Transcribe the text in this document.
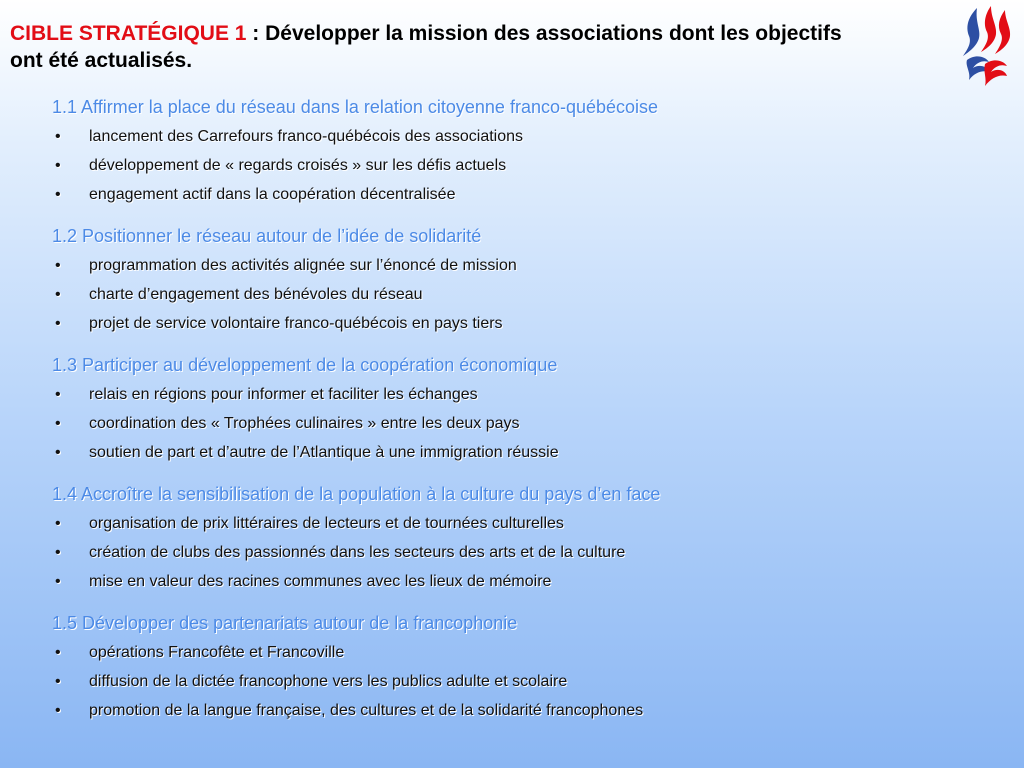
CIBLE STRATÉGIQUE 1 : Développer la mission des associations dont les objectifs ont été actualisés.
1.1 Affirmer la place du réseau dans la relation citoyenne franco-québécoise
• lancement des Carrefours franco-québécois des associations
• développement de « regards croisés » sur les défis actuels
• engagement actif dans la coopération décentralisée
1.2 Positionner le réseau autour de l’idée de solidarité
• programmation des activités alignée sur l’énoncé de mission
• charte d’engagement des bénévoles du réseau
• projet de service volontaire franco-québécois en pays tiers
1.3 Participer au développement de la coopération économique
• relais en régions pour informer et faciliter les échanges
• coordination des « Trophées culinaires » entre les deux pays
• soutien de part et d’autre de l’Atlantique à une immigration réussie
1.4 Accroître la sensibilisation de la population à la culture du pays d’en face
• organisation de prix littéraires de lecteurs et de tournées culturelles
• création de clubs des passionnés dans les secteurs des arts et de la culture
• mise en valeur des racines communes avec les lieux de mémoire
1.5 Développer des partenariats autour de la francophonie
• opérations Francofête et Francoville
• diffusion de la dictée francophone vers les publics adulte et scolaire
• promotion de la langue française, des cultures et de la solidarité francophones
